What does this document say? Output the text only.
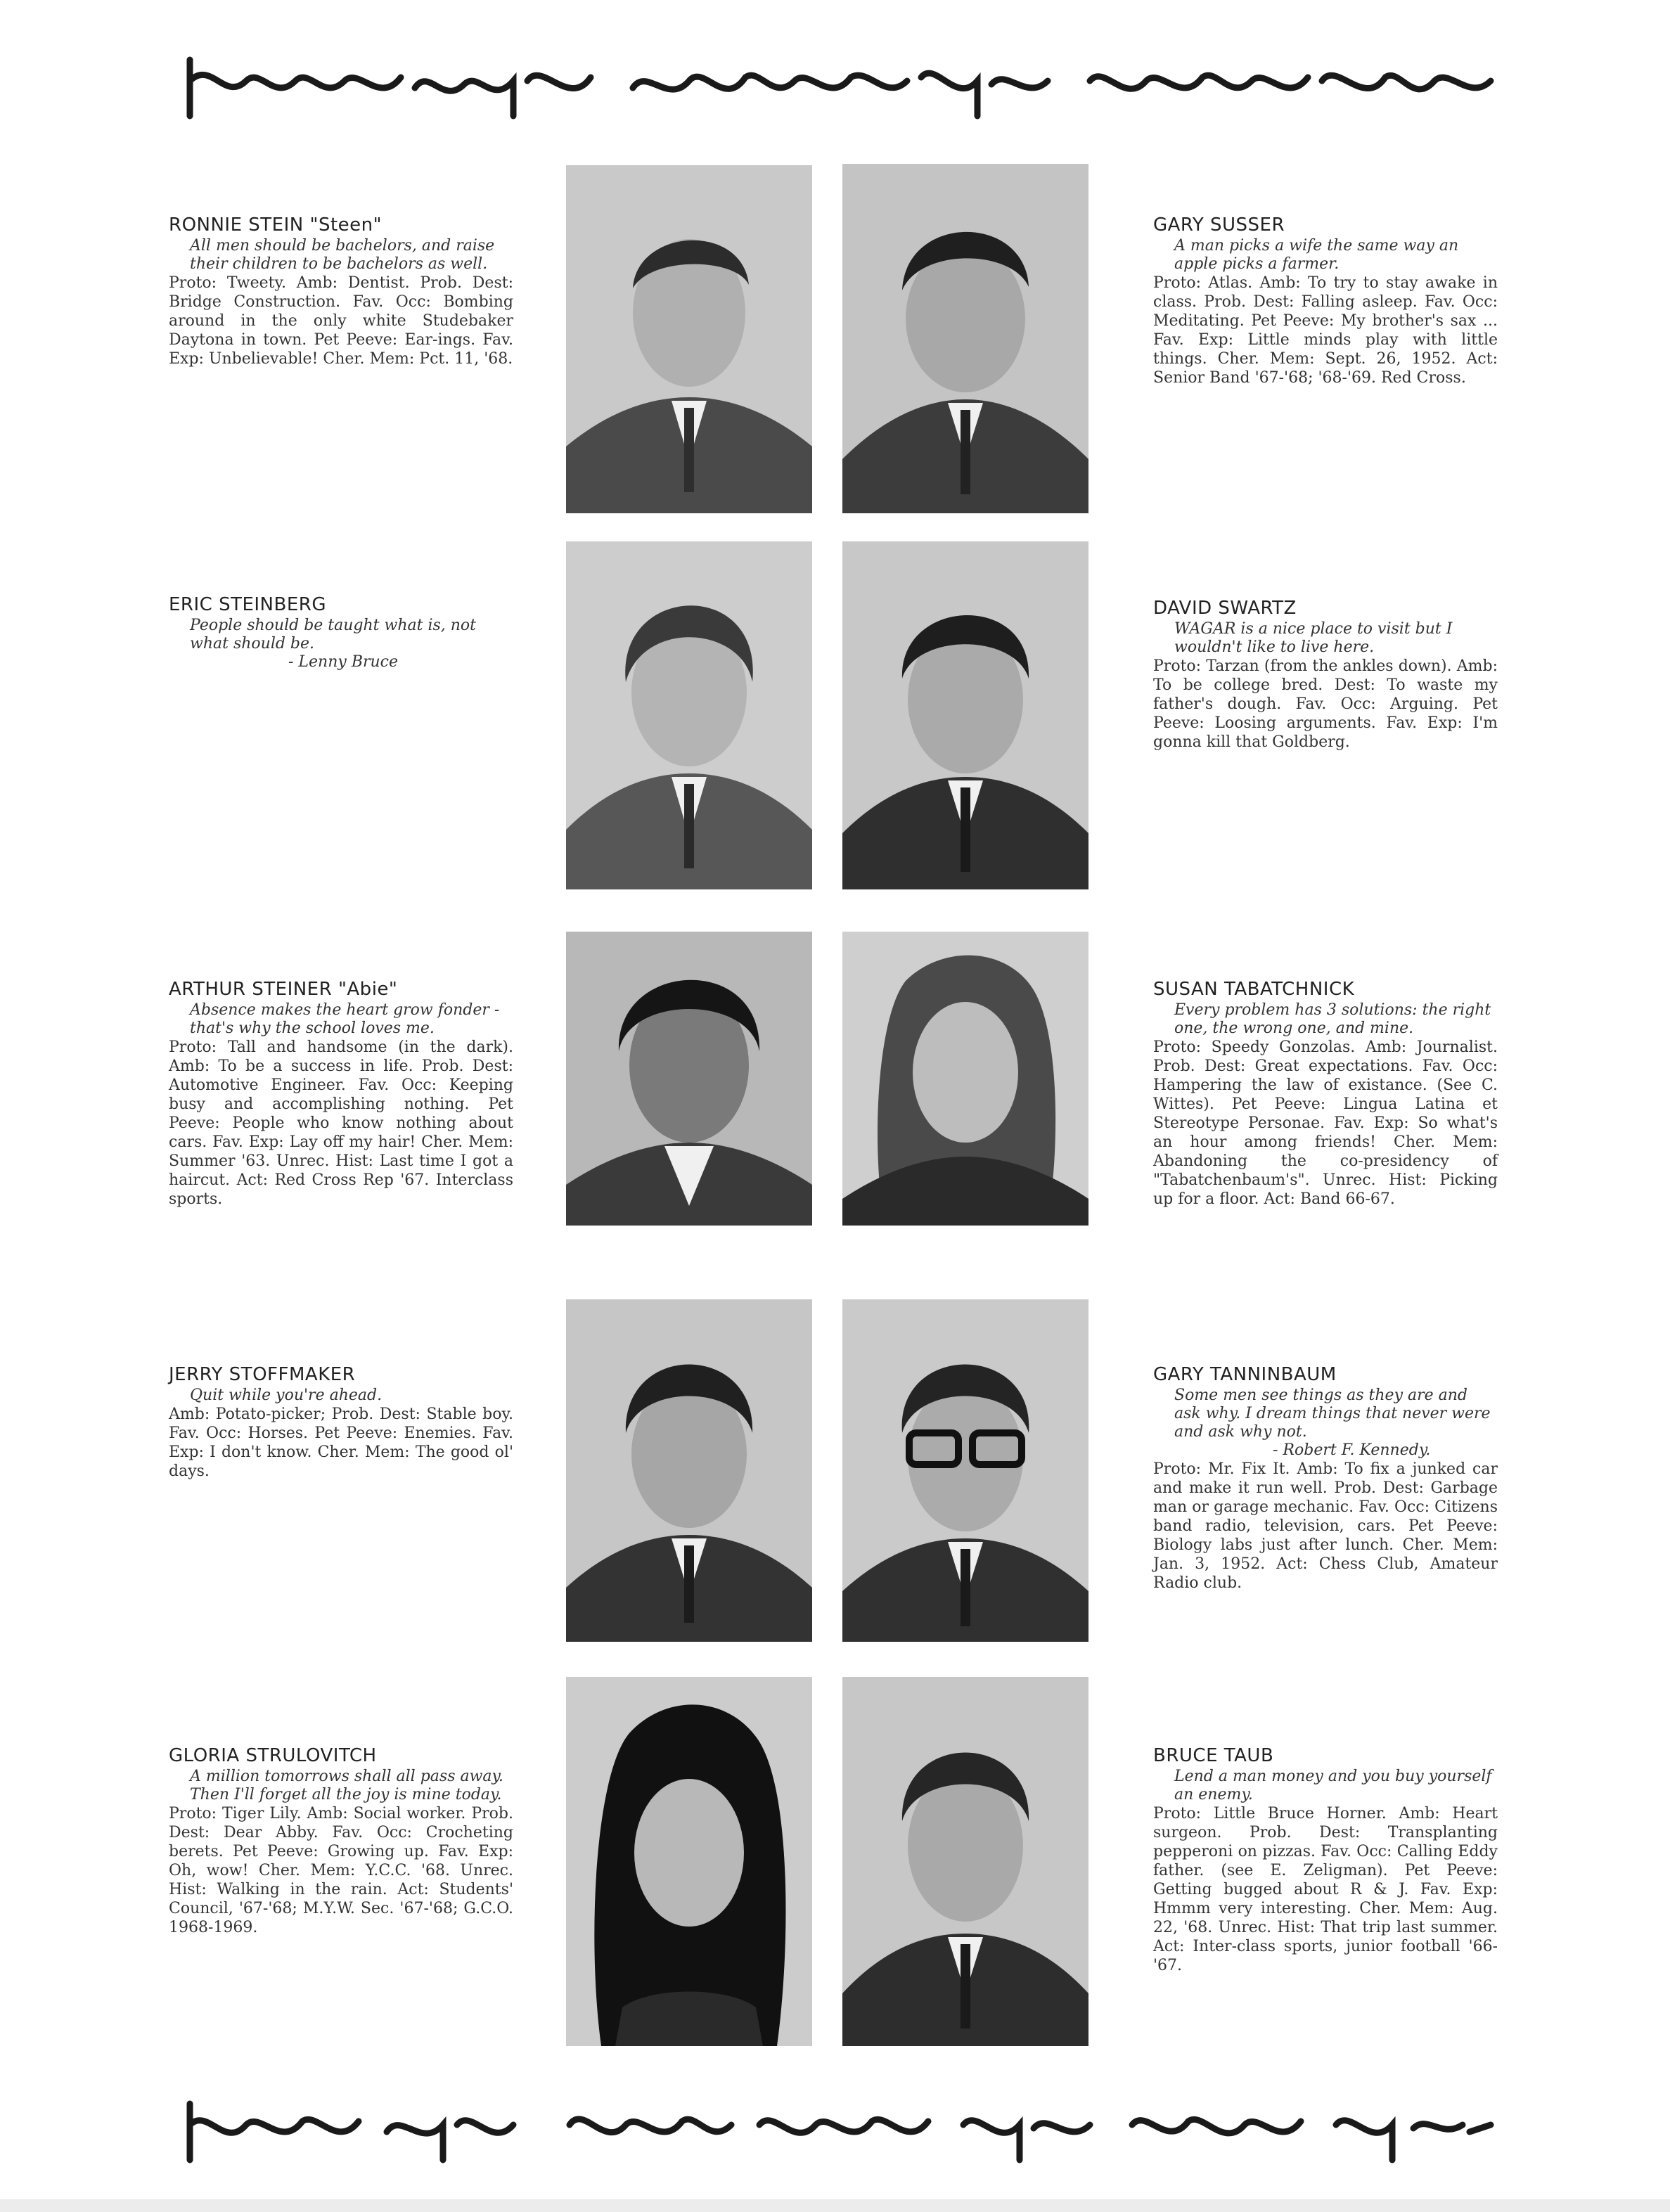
RONNIE STEIN "Steen"
All men should be bachelors, and raise their children to be bachelors as well.
Proto: Tweety. Amb: Dentist. Prob. Dest: Bridge Construction. Fav. Occ: Bombing around in the only white Studebaker Daytona in town. Pet Peeve: Ear-ings. Fav. Exp: Unbelievable! Cher. Mem: Pct. 11, '68.
GARY SUSSER
A man picks a wife the same way an apple picks a farmer.
Proto: Atlas. Amb: To try to stay awake in class. Prob. Dest: Falling asleep. Fav. Occ: Meditating. Pet Peeve: My brother's sax ... Fav. Exp: Little minds play with little things. Cher. Mem: Sept. 26, 1952. Act: Senior Band '67-'68; '68-'69. Red Cross.
ERIC STEINBERG
People should be taught what is, not what should be.
- Lenny Bruce
DAVID SWARTZ
WAGAR is a nice place to visit but I wouldn't like to live here.
Proto: Tarzan (from the ankles down). Amb: To be college bred. Dest: To waste my father's dough. Fav. Occ: Arguing. Pet Peeve: Loosing arguments. Fav. Exp: I'm gonna kill that Goldberg.
ARTHUR STEINER "Abie"
Absence makes the heart grow fonder - that's why the school loves me.
Proto: Tall and handsome (in the dark). Amb: To be a success in life. Prob. Dest: Automotive Engineer. Fav. Occ: Keeping busy and accomplishing nothing. Pet Peeve: People who know nothing about cars. Fav. Exp: Lay off my hair! Cher. Mem: Summer '63. Unrec. Hist: Last time I got a haircut. Act: Red Cross Rep '67. Interclass sports.
SUSAN TABATCHNICK
Every problem has 3 solutions: the right one, the wrong one, and mine.
Proto: Speedy Gonzolas. Amb: Journalist. Prob. Dest: Great expectations. Fav. Occ: Hampering the law of existance. (See C. Wittes). Pet Peeve: Lingua Latina et Stereotype Personae. Fav. Exp: So what's an hour among friends! Cher. Mem: Abandoning the co-presidency of "Tabatchenbaum's". Unrec. Hist: Picking up for a floor. Act: Band 66-67.
JERRY STOFFMAKER
Quit while you're ahead.
Amb: Potato-picker; Prob. Dest: Stable boy. Fav. Occ: Horses. Pet Peeve: Enemies. Fav. Exp: I don't know. Cher. Mem: The good ol' days.
GARY TANNINBAUM
Some men see things as they are and ask why. I dream things that never were and ask why not.
- Robert F. Kennedy.
Proto: Mr. Fix It. Amb: To fix a junked car and make it run well. Prob. Dest: Garbage man or garage mechanic. Fav. Occ: Citizens band radio, television, cars. Pet Peeve: Biology labs just after lunch. Cher. Mem: Jan. 3, 1952. Act: Chess Club, Amateur Radio club.
GLORIA STRULOVITCH
A million tomorrows shall all pass away. Then I'll forget all the joy is mine today.
Proto: Tiger Lily. Amb: Social worker. Prob. Dest: Dear Abby. Fav. Occ: Crocheting berets. Pet Peeve: Growing up. Fav. Exp: Oh, wow! Cher. Mem: Y.C.C. '68. Unrec. Hist: Walking in the rain. Act: Students' Council, '67-'68; M.Y.W. Sec. '67-'68; G.C.O. 1968-1969.
BRUCE TAUB
Lend a man money and you buy yourself an enemy.
Proto: Little Bruce Horner. Amb: Heart surgeon. Prob. Dest: Transplanting pepperoni on pizzas. Fav. Occ: Calling Eddy father. (see E. Zeligman). Pet Peeve: Getting bugged about R & J. Fav. Exp: Hmmm very interesting. Cher. Mem: Aug. 22, '68. Unrec. Hist: That trip last summer. Act: Inter-class sports, junior football '66-'67.
